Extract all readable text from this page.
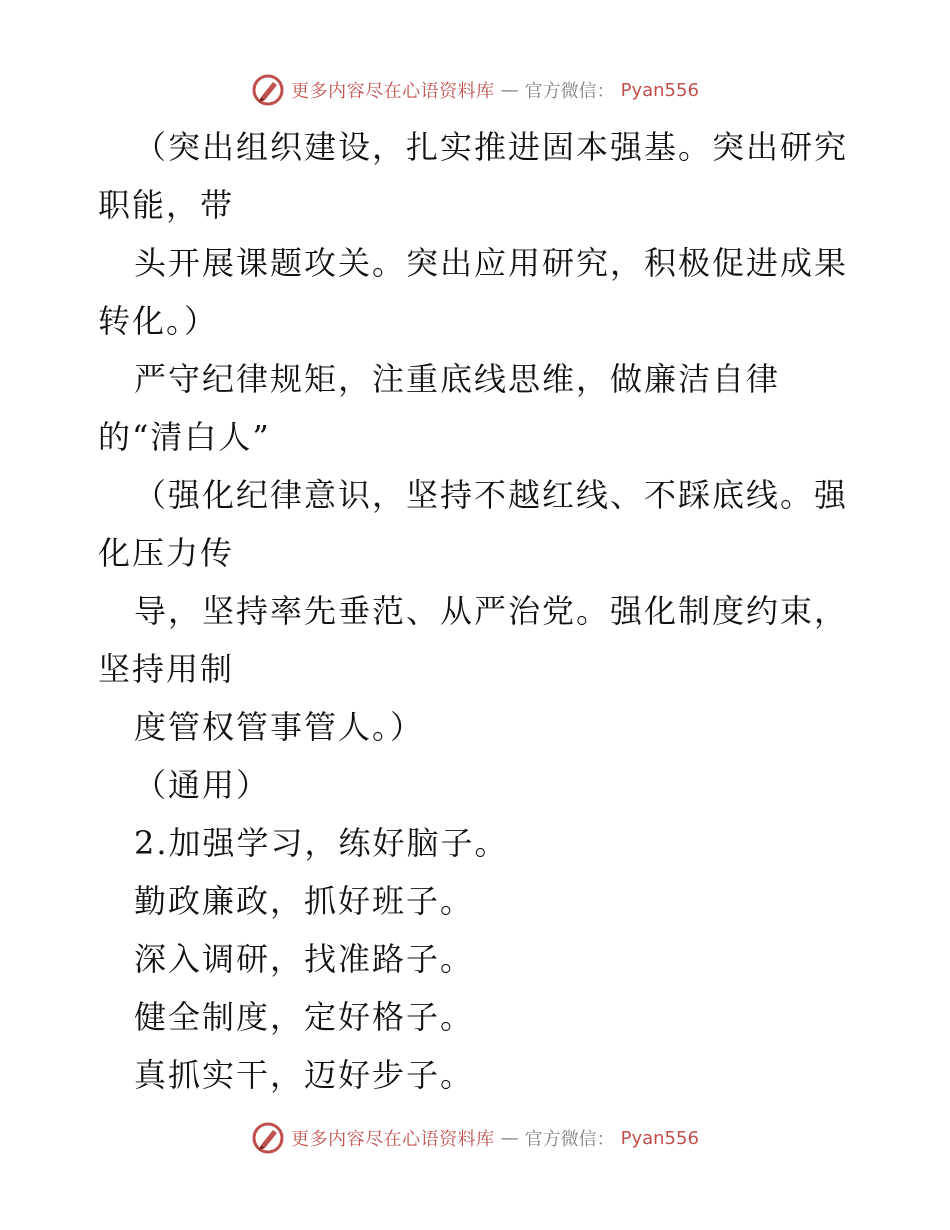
更多内容尽在心语资料库 — 官方微信： Pyan556
（突出组织建设，扎实推进固本强基。突出研究
职能，带
头开展课题攻关。突出应用研究，积极促进成果
转化。）
严守纪律规矩，注重底线思维，做廉洁自律
的“清白人”
（强化纪律意识，坚持不越红线、不踩底线。强
化压力传
导，坚持率先垂范、从严治党。强化制度约束，
坚持用制
度管权管事管人。）
（通用）
2.加强学习，练好脑子。
勤政廉政，抓好班子。
深入调研，找准路子。
健全制度，定好格子。
真抓实干，迈好步子。
更多内容尽在心语资料库 — 官方微信： Pyan556
